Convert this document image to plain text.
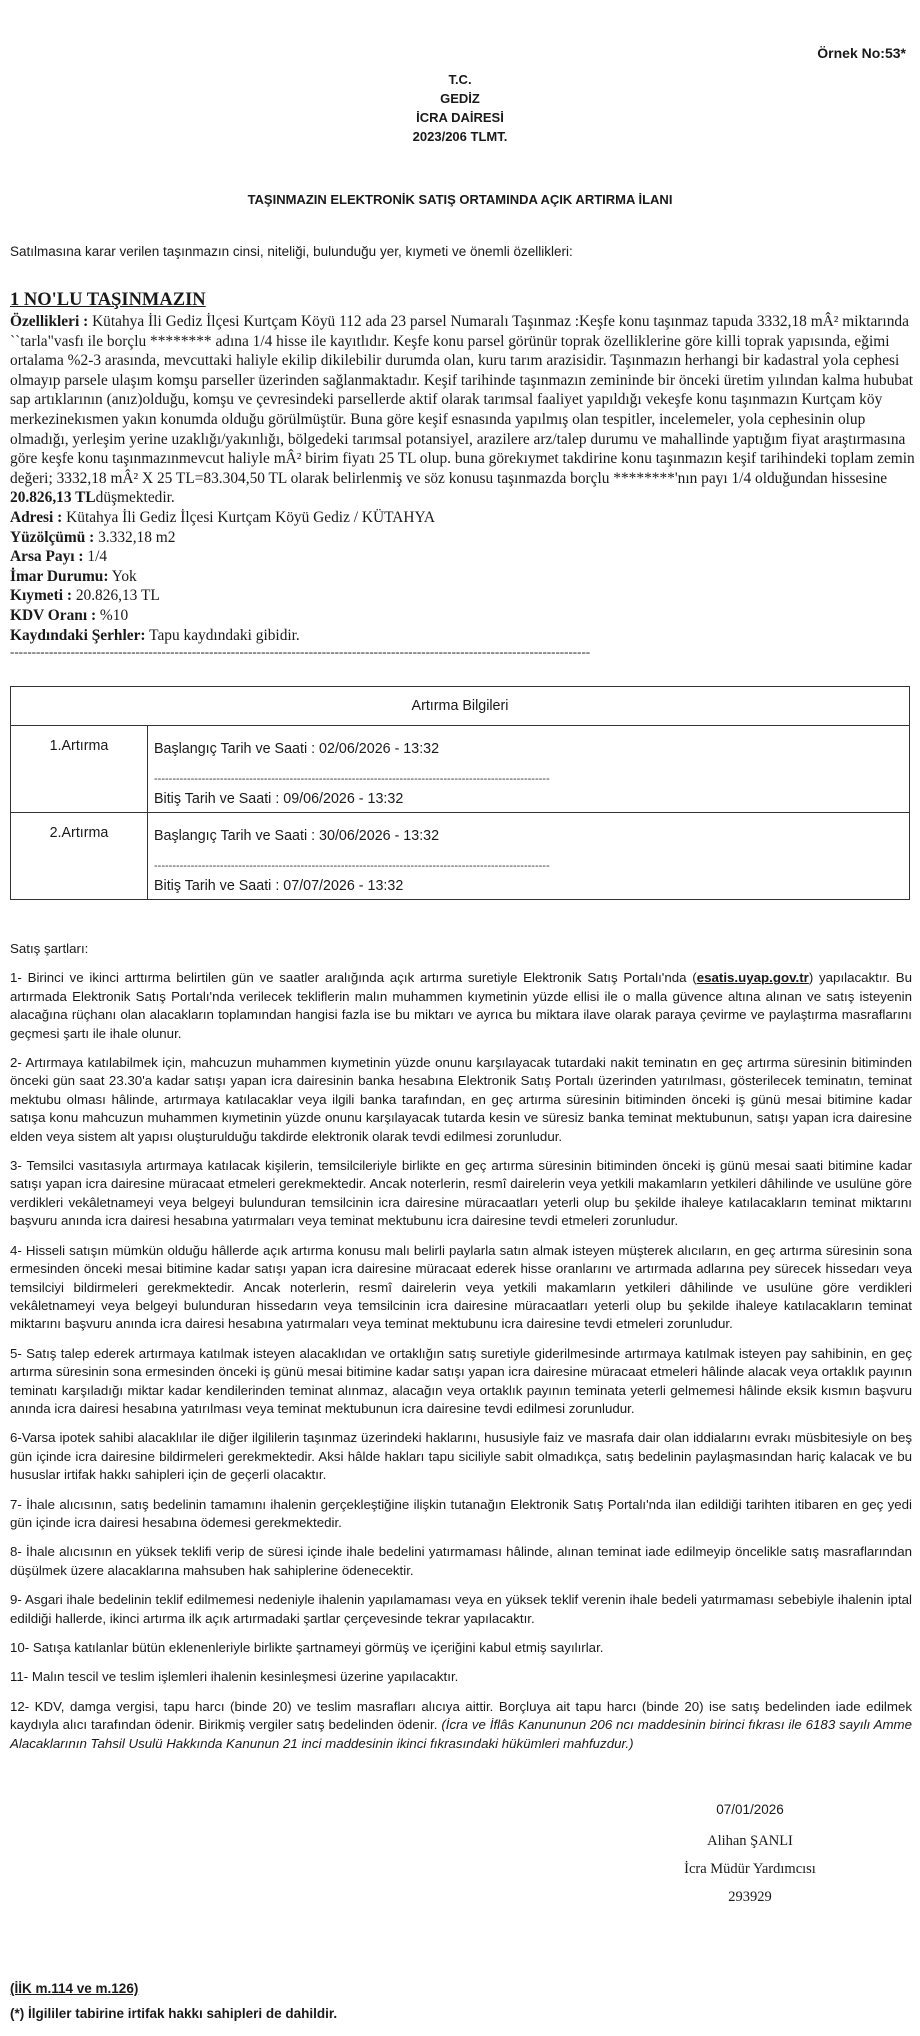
Örnek No:53*
T.C.
GEDİZ
İCRA DAİRESİ
2023/206 TLMT.
TAŞINMAZIN ELEKTRONİK SATIŞ ORTAMINDA AÇIK ARTIRMA İLANI
Satılmasına karar verilen taşınmazın cinsi, niteliği, bulunduğu yer, kıymeti ve önemli özellikleri:
1 NO'LU TAŞINMAZIN
Özellikleri : Kütahya İli Gediz İlçesi Kurtçam Köyü 112 ada 23 parsel Numaralı Taşınmaz :Keşfe konu taşınmaz tapuda 3332,18 mÂ² miktarında ``tarla"vasfı ile borçlu ******** adına 1/4 hisse ile kayıtlıdır. Keşfe konu parsel görünür toprak özelliklerine göre killi toprak yapısında, eğimi ortalama %2-3 arasında, mevcuttaki haliyle ekilip dikilebilir durumda olan, kuru tarım arazisidir. Taşınmazın herhangi bir kadastral yola cephesi olmayıp parsele ulaşım komşu parseller üzerinden sağlanmaktadır. Keşif tarihinde taşınmazın zemininde bir önceki üretim yılından kalma hububat sap artıklarının (anız)olduğu, komşu ve çevresindeki parsellerde aktif olarak tarımsal faaliyet yapıldığı vekeşfe konu taşınmazın Kurtçam köy merkezinekısmen yakın konumda olduğu görülmüştür. Buna göre keşif esnasında yapılmış olan tespitler, incelemeler, yola cephesinin olup olmadığı, yerleşim yerine uzaklığı/yakınlığı, bölgedeki tarımsal potansiyel, arazilere arz/talep durumu ve mahallinde yaptığım fiyat araştırmasına göre keşfe konu taşınmazınmevcut haliyle mÂ² birim fiyatı 25 TL olup. buna görekıymet takdirine konu taşınmazın keşif tarihindeki toplam zemin değeri; 3332,18 mÂ² X 25 TL=83.304,50 TL olarak belirlenmiş ve söz konusu taşınmazda borçlu ********'nın payı 1/4 olduğundan hissesine 20.826,13 TLdüşmektedir.
Adresi : Kütahya İli Gediz İlçesi Kurtçam Köyü Gediz / KÜTAHYA
Yüzölçümü : 3.332,18 m2
Arsa Payı : 1/4
İmar Durumu: Yok
Kıymeti : 20.826,13 TL
KDV Oranı : %10
Kaydındaki Şerhler: Tapu kaydındaki gibidir.
--------------------------------------------------------------------------------------------------------------------------------------
Artırma Bilgileri	
1.Artırma	Başlangıç Tarih ve Saati : 02/06/2026 - 13:32
------------------------------------------------------------------------------------------------------------
Bitiş Tarih ve Saati : 09/06/2026 - 13:32

2.Artırma	Başlangıç Tarih ve Saati : 30/06/2026 - 13:32
------------------------------------------------------------------------------------------------------------
Bitiş Tarih ve Saati : 07/07/2026 - 13:32

Satış şartları:

1- Birinci ve ikinci arttırma belirtilen gün ve saatler aralığında açık artırma suretiyle Elektronik Satış Portalı'nda (esatis.uyap.gov.tr) yapılacaktır. Bu artırmada Elektronik Satış Portalı'nda verilecek tekliflerin malın muhammen kıymetinin yüzde ellisi ile o malla güvence altına alınan ve satış isteyenin alacağına rüçhanı olan alacakların toplamından hangisi fazla ise bu miktarı ve ayrıca bu miktara ilave olarak paraya çevirme ve paylaştırma masraflarını geçmesi şartı ile ihale olunur.

2- Artırmaya katılabilmek için, mahcuzun muhammen kıymetinin yüzde onunu karşılayacak tutardaki nakit teminatın en geç artırma süresinin bitiminden önceki gün saat 23.30'a kadar satışı yapan icra dairesinin banka hesabına Elektronik Satış Portalı üzerinden yatırılması, gösterilecek teminatın, teminat mektubu olması hâlinde, artırmaya katılacaklar veya ilgili banka tarafından, en geç artırma süresinin bitiminden önceki iş günü mesai bitimine kadar satışa konu mahcuzun muhammen kıymetinin yüzde onunu karşılayacak tutarda kesin ve süresiz banka teminat mektubunun, satışı yapan icra dairesine elden veya sistem alt yapısı oluşturulduğu takdirde elektronik olarak tevdi edilmesi zorunludur.

3- Temsilci vasıtasıyla artırmaya katılacak kişilerin, temsilcileriyle birlikte en geç artırma süresinin bitiminden önceki iş günü mesai saati bitimine kadar satışı yapan icra dairesine müracaat etmeleri gerekmektedir. Ancak noterlerin, resmî dairelerin veya yetkili makamların yetkileri dâhilinde ve usulüne göre verdikleri vekâletnameyi veya belgeyi bulunduran temsilcinin icra dairesine müracaatları yeterli olup bu şekilde ihaleye katılacakların teminat miktarını başvuru anında icra dairesi hesabına yatırmaları veya teminat mektubunu icra dairesine tevdi etmeleri zorunludur.

4- Hisseli satışın mümkün olduğu hâllerde açık artırma konusu malı belirli paylarla satın almak isteyen müşterek alıcıların, en geç artırma süresinin sona ermesinden önceki mesai bitimine kadar satışı yapan icra dairesine müracaat ederek hisse oranlarını ve artırmada adlarına pey sürecek hissedarı veya temsilciyi bildirmeleri gerekmektedir. Ancak noterlerin, resmî dairelerin veya yetkili makamların yetkileri dâhilinde ve usulüne göre verdikleri vekâletnameyi veya belgeyi bulunduran hissedarın veya temsilcinin icra dairesine müracaatları yeterli olup bu şekilde ihaleye katılacakların teminat miktarını başvuru anında icra dairesi hesabına yatırmaları veya teminat mektubunu icra dairesine tevdi etmeleri zorunludur.

5- Satış talep ederek artırmaya katılmak isteyen alacaklıdan ve ortaklığın satış suretiyle giderilmesinde artırmaya katılmak isteyen pay sahibinin, en geç artırma süresinin sona ermesinden önceki iş günü mesai bitimine kadar satışı yapan icra dairesine müracaat etmeleri hâlinde alacak veya ortaklık payının teminatı karşıladığı miktar kadar kendilerinden teminat alınmaz, alacağın veya ortaklık payının teminata yeterli gelmemesi hâlinde eksik kısmın başvuru anında icra dairesi hesabına yatırılması veya teminat mektubunun icra dairesine tevdi edilmesi zorunludur.

6-Varsa ipotek sahibi alacaklılar ile diğer ilgililerin taşınmaz üzerindeki haklarını, hususiyle faiz ve masrafa dair olan iddialarını evrakı müsbitesiyle on beş gün içinde icra dairesine bildirmeleri gerekmektedir. Aksi hâlde hakları tapu siciliyle sabit olmadıkça, satış bedelinin paylaşmasından hariç kalacak ve bu hususlar irtifak hakkı sahipleri için de geçerli olacaktır.

7- İhale alıcısının, satış bedelinin tamamını ihalenin gerçekleştiğine ilişkin tutanağın Elektronik Satış Portalı'nda ilan edildiği tarihten itibaren en geç yedi gün içinde icra dairesi hesabına ödemesi gerekmektedir.

8- İhale alıcısının en yüksek teklifi verip de süresi içinde ihale bedelini yatırmaması hâlinde, alınan teminat iade edilmeyip öncelikle satış masraflarından düşülmek üzere alacaklarına mahsuben hak sahiplerine ödenecektir.

9- Asgari ihale bedelinin teklif edilmemesi nedeniyle ihalenin yapılamaması veya en yüksek teklif verenin ihale bedeli yatırmaması sebebiyle ihalenin iptal edildiği hallerde, ikinci artırma ilk açık artırmadaki şartlar çerçevesinde tekrar yapılacaktır.

10- Satışa katılanlar bütün eklenenleriyle birlikte şartnameyi görmüş ve içeriğini kabul etmiş sayılırlar.

11- Malın tescil ve teslim işlemleri ihalenin kesinleşmesi üzerine yapılacaktır.

12- KDV, damga vergisi, tapu harcı (binde 20) ve teslim masrafları alıcıya aittir. Borçluya ait tapu harcı (binde 20) ise satış bedelinden iade edilmek kaydıyla alıcı tarafından ödenir. Birikmiş vergiler satış bedelinden ödenir. (İcra ve İflâs Kanununun 206 ncı maddesinin birinci fıkrası ile 6183 sayılı Amme Alacaklarının Tahsil Usulü Hakkında Kanunun 21 inci maddesinin ikinci fıkrasındaki hükümleri mahfuzdur.)

07/01/2026
Alihan ŞANLI
İcra Müdür Yardımcısı
293929
(İİK m.114 ve m.126)
(*) İlgililer tabirine irtifak hakkı sahipleri de dahildir.
